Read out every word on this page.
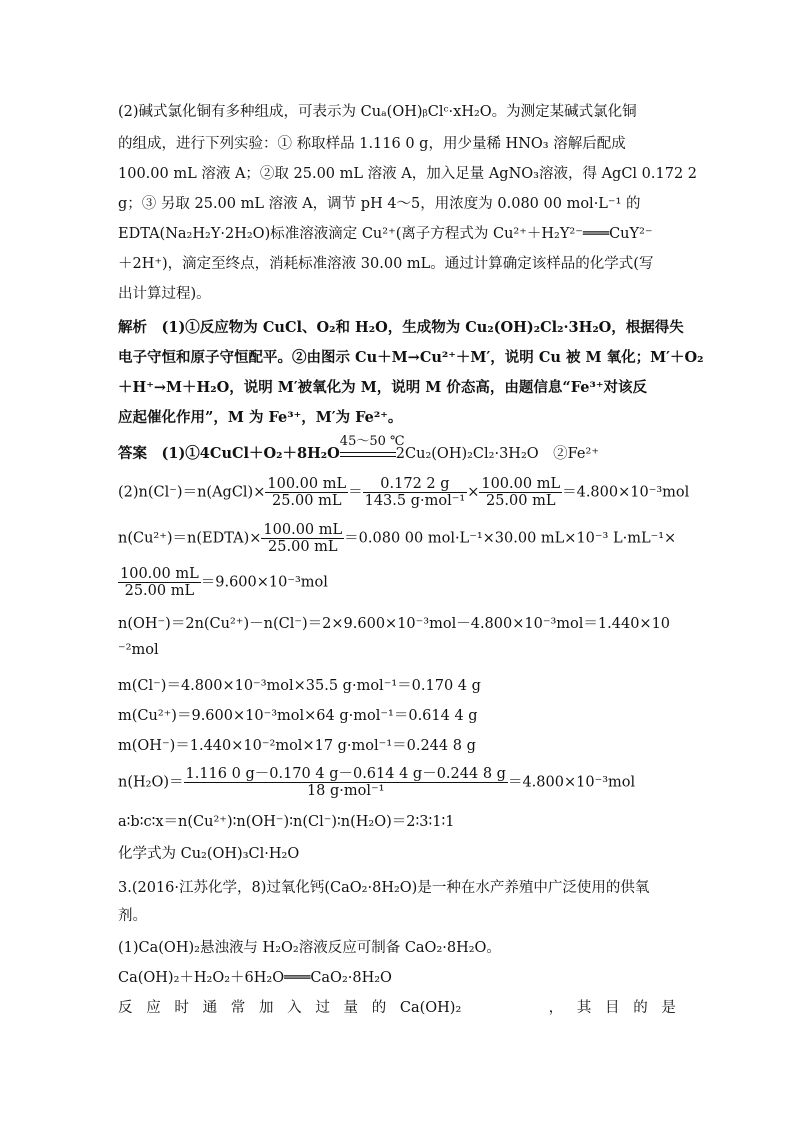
(2)碱式氯化铜有多种组成，可表示为 Cuₐ(OH)ᵦClᶜ·xH₂O。为测定某碱式氯化铜
的组成，进行下列实验：① 称取样品 1.116 0 g，用少量稀 HNO₃ 溶解后配成
100.00 mL 溶液 A；②取 25.00 mL 溶液 A，加入足量 AgNO₃溶液，得 AgCl 0.172 2
g；③ 另取 25.00 mL 溶液 A，调节 pH 4～5，用浓度为 0.080 00 mol·L⁻¹ 的
EDTA(Na₂H₂Y·2H₂O)标准溶液滴定 Cu²⁺(离子方程式为 Cu²⁺＋H₂Y²⁻═══CuY²⁻
＋2H⁺)，滴定至终点，消耗标准溶液 30.00 mL。通过计算确定该样品的化学式(写
出计算过程)。
解析　(1)①反应物为 CuCl、O₂和 H₂O，生成物为 Cu₂(OH)₂Cl₂·3H₂O，根据得失
电子守恒和原子守恒配平。②由图示 Cu＋M→Cu²⁺＋M′，说明 Cu 被 M 氧化；M′＋O₂
＋H⁺→M＋H₂O，说明 M′被氧化为 M，说明 M 价态高，由题信息“Fe³⁺对该反
应起催化作用”，M 为 Fe³⁺，M′为 Fe²⁺。
答案　(1)①4CuCl＋O₂＋8H₂O
45～50 ℃
2Cu₂(OH)₂Cl₂·3H₂O　②Fe²⁺
(2)n(Cl⁻)＝n(AgCl)× $\frac{100.00 mL}{25.00 mL} = \frac{0.172 2 g}{\text{143.5 g·mol⁻¹}} \times \frac{100.00 mL}{25.00 mL} =4.800\times 10^{-3}mol$
n(Cu²⁺)＝n(EDTA)× $\frac{100.00 mL}{25.00 mL} =0.080$ 00 mol·L⁻¹×30.00 mL×10⁻³ L·mL⁻¹×
$\frac{100.00 mL}{25.00 mL} =9.600\times 10^{-3}mol$
n(OH⁻)＝2n(Cu²⁺)－n(Cl⁻)＝2×9.600×10⁻³mol－4.800×10⁻³mol＝1.440×10
⁻²mol
m(Cl⁻)＝4.800×10⁻³mol×35.5 g·mol⁻¹＝0.170 4 g
m(Cu²⁺)＝9.600×10⁻³mol×64 g·mol⁻¹＝0.614 4 g
m(OH⁻)＝1.440×10⁻²mol×17 g·mol⁻¹＝0.244 8 g
$n(H_2O)= \frac{1.116 0 g-0.170 4 g-0.614 4 g-0.244 8 g}{\text{18 g·mol⁻¹}} =4.800\times 10^{-3}mol$
a∶b∶c∶x＝n(Cu²⁺)∶n(OH⁻)∶n(Cl⁻)∶n(H₂O)＝2∶3∶1∶1
化学式为 Cu₂(OH)₃Cl·H₂O
3.(2016·江苏化学，8)过氧化钙(CaO₂·8H₂O)是一种在水产养殖中广泛使用的供氧
剂。
(1)Ca(OH)₂悬浊液与 H₂O₂溶液反应可制备 CaO₂·8H₂O。
Ca(OH)₂＋H₂O₂＋6H₂O═══CaO₂·8H₂O
反 应 时 通 常 加 入 过 量 的 Ca(OH)₂	， 其 目 的 是
